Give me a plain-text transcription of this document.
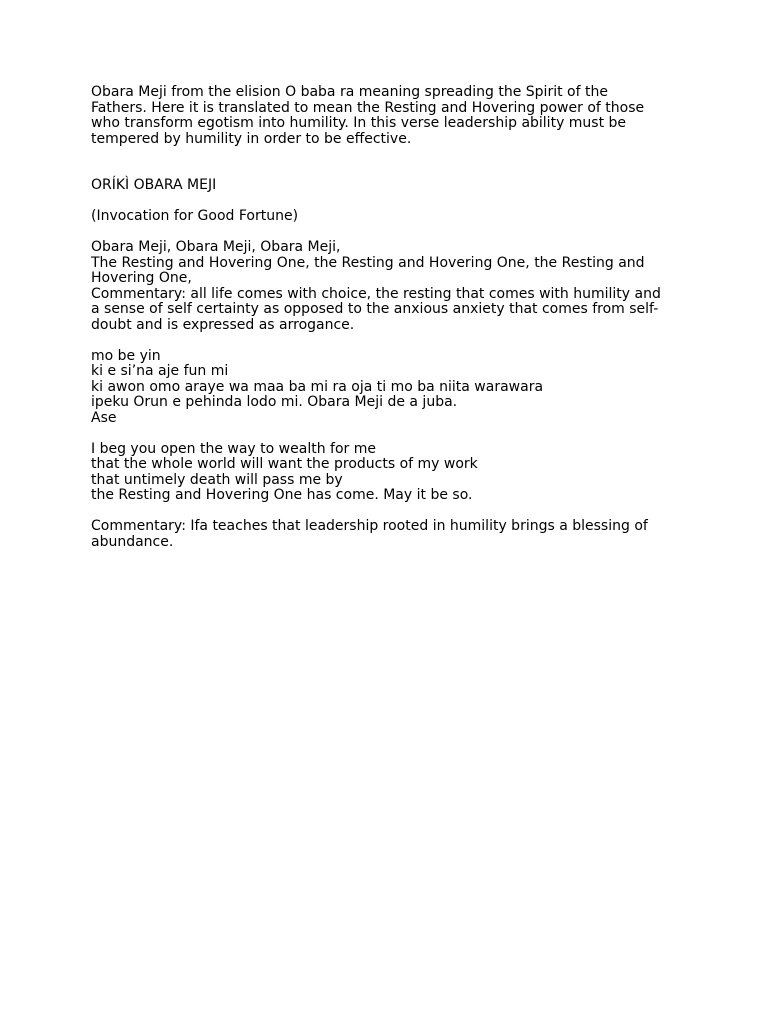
Obara Meji from the elision O baba ra meaning spreading the Spirit of the
Fathers. Here it is translated to mean the Resting and Hovering power of those
who transform egotism into humility. In this verse leadership ability must be
tempered by humility in order to be effective.

ORÍKÌ OBARA MEJI

(Invocation for Good Fortune)

Obara Meji, Obara Meji, Obara Meji,
The Resting and Hovering One, the Resting and Hovering One, the Resting and
Hovering One,
Commentary: all life comes with choice, the resting that comes with humility and
a sense of self certainty as opposed to the anxious anxiety that comes from self-
doubt and is expressed as arrogance.

mo be yin
ki e si’na aje fun mi
ki awon omo araye wa maa ba mi ra oja ti mo ba niita warawara
ipeku Orun e pehinda lodo mi. Obara Meji de a juba.
Ase

I beg you open the way to wealth for me
that the whole world will want the products of my work
that untimely death will pass me by
the Resting and Hovering One has come. May it be so.

Commentary: Ifa teaches that leadership rooted in humility brings a blessing of
abundance.
